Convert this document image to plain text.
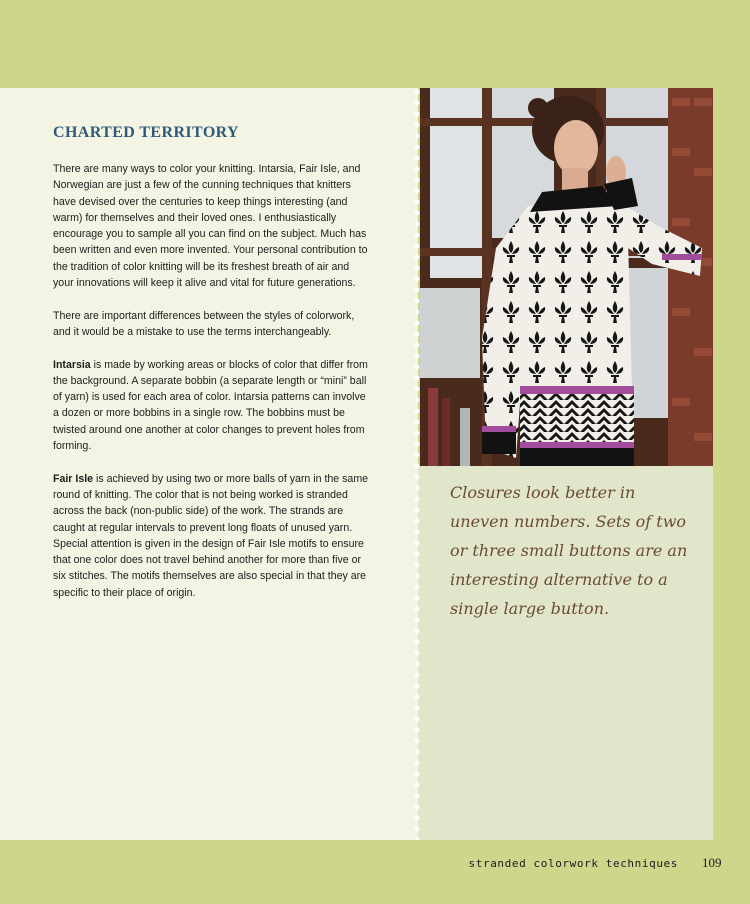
CHARTED TERRITORY

There are many ways to color your knitting. Intarsia, Fair Isle, and Norwegian are just a few of the cunning techniques that knitters have devised over the centuries to keep things interesting (and warm) for themselves and their loved ones. I enthusiastically encourage you to sample all you can find on the subject. Much has been written and even more invented. Your personal contribution to the tradition of color knitting will be its freshest breath of air and your innovations will keep it alive and vital for future generations.

There are important differences between the styles of colorwork, and it would be a mistake to use the terms interchangeably.

Intarsia is made by working areas or blocks of color that differ from the background. A separate bobbin (a separate length or “mini” ball of yarn) is used for each area of color. Intarsia patterns can involve a dozen or more bobbins in a single row. The bobbins must be twisted around one another at color changes to prevent holes from forming.

Fair Isle is achieved by using two or more balls of yarn in the same round of knitting. The color that is not being worked is stranded across the back (non-public side) of the work. The strands are caught at regular intervals to prevent long floats of unused yarn. Special attention is given in the design of Fair Isle motifs to ensure that one color does not travel behind another for more than five or six stitches. The motifs themselves are also special in that they are specific to their place of origin.

Closures look better in uneven numbers. Sets of two or three small buttons are an interesting alternative to a single large button.
stranded colorwork techniques 109
